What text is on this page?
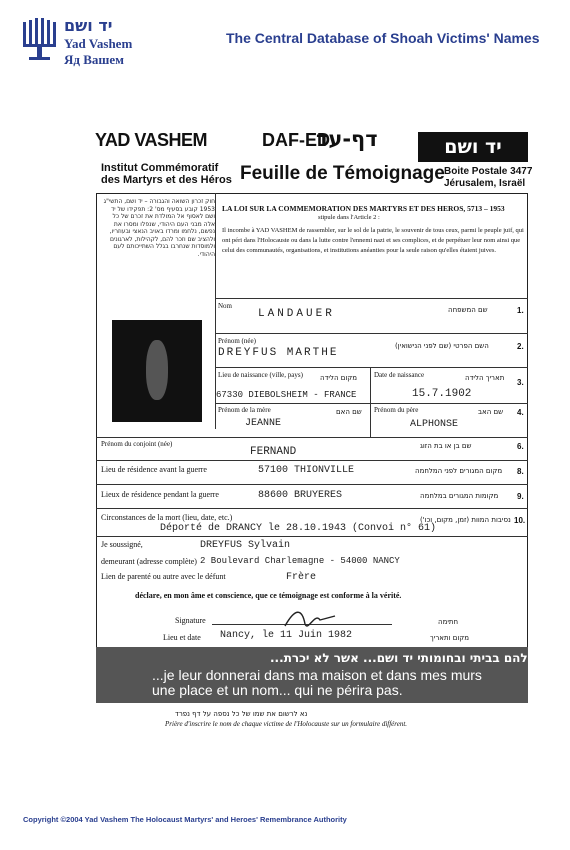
יד ושם
Yad Vashem
Яд Вашем
The Central Database of Shoah Victims' Names
YAD VASHEM	DAF-ED
דף-עד	יד ושם
Institut Commémoratif
des Martyrs et des Héros Feuille de Témoignage Boite Postale 3477
Jérusalem, Israël
חוק זכרון השואה והגבורה – יד ושם, התשי"ג 1953 קובע בסעיף מס' 2: תפקידו של יד ושם לאסוף אל המולדת את זכרם של כל אלה מבני העם היהודי, שנפלו ומסרו את נפשם, נלחמו ומרדו באויב הנאצי ובעוזריו, ולהציב שם וזכר להם, לקהילות, לארגונים ולמוסדות שנחרבו בגלל השתייכותם לעם היהודי.
LA LOI SUR LA COMMEMORATION DES MARTYRS ET DES HEROS, 5713 – 1953
stipule dans l'Article 2 :
Il incombe à YAD VASHEM de rassembler, sur le sol de la patrie, le souvenir de tous ceux, parmi le peuple juif, qui ont péri dans l'Holocauste ou dans la lutte contre l'ennemi nazi et ses complices, et de perpétuer leur nom ainsi que celui des communautés, organisations, et institutions anéanties pour la seule raison qu'elles étaient juives.
Nom
LANDAUER	שם המשפחה	1.
Prénom (née)
DREYFUS MARTHE
השם הפרטי (שם לפני הנישואין)	2.
Lieu de naissance (ville, pays) מקום הלידה
67330 DIEBOLSHEIM - FRANCE
Date de naissance	תאריך הלידה
15.7.1902
3.
Prénom de la mère	שם האם
JEANNE
Prénom du père	שם האב
ALPHONSE
4.
Prénom du conjoint (née)
FERNAND	שם בן או בת הזוג	6.
Lieu de résidence avant la guerre	57100 THIONVILLE	מקום המגורים לפני המלחמה 8.
Lieux de résidence pendant la guerre	88600 BRUYERES	מקומות המגורים במלחמה 9.
Circonstances de la mort (lieu, date, etc.)	נסיבות המוות (זמן, מקום, וכו')
Déporté de DRANCY le 28.10.1943 (Convoi n° 61)
10.
Je soussigné,	DREYFUS Sylvain
demeurant (adresse complète) 2 Boulevard Charlemagne - 54000 NANCY
Lien de parenté ou autre avec le défunt	Frère
déclare, en mon âme et conscience, que ce témoignage est conforme à la vérité.
Signature	חתימה
Lieu et date Nancy, le 11 Juin 1982	מקום ותאריך
...ונתתי להם בביתי ובחומותי יד ושם... אשר לא יכרת.
...je leur donnerai dans ma maison et dans mes murs
une place et un nom... qui ne périra pas.
נא לרשום את שמו של כל נספה על דף נפרד
Prière d'inscrire le nom de chaque victime de l'Holocauste sur un formulaire différent.
Copyright ©2004 Yad Vashem The Holocaust Martyrs' and Heroes' Remembrance Authority
